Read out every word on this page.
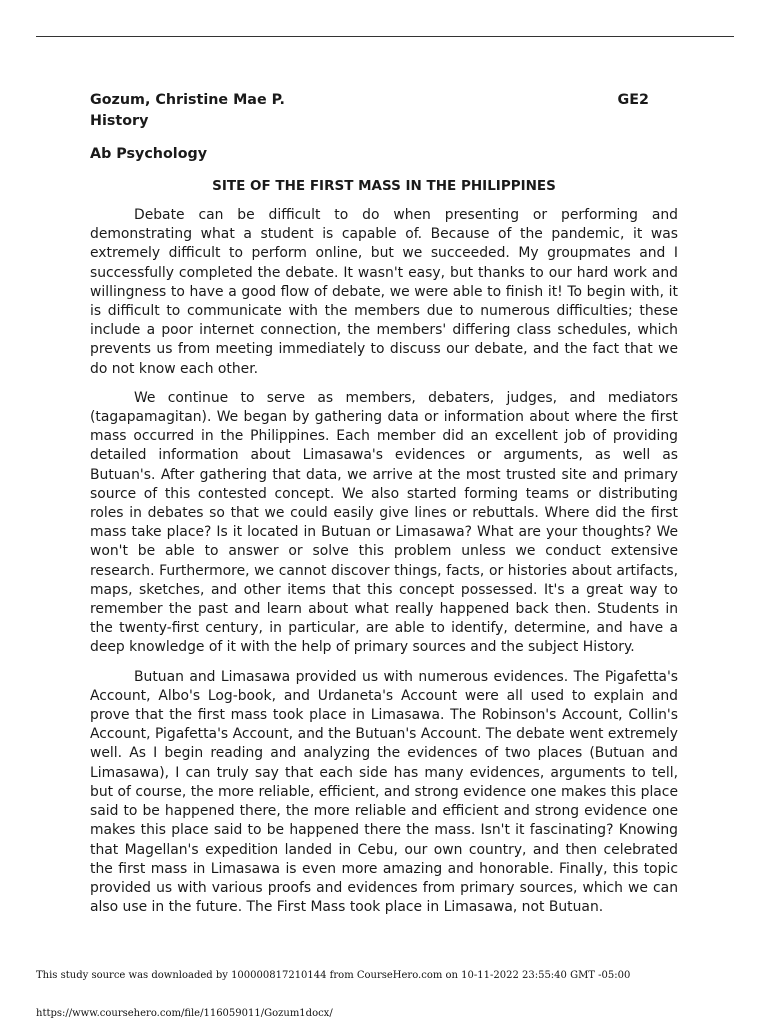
Gozum, Christine Mae P.	GE2
History
Ab Psychology
SITE OF THE FIRST MASS IN THE PHILIPPINES

Debate can be difficult to do when presenting or performing and demonstrating what a student is capable of. Because of the pandemic, it was extremely difficult to perform online, but we succeeded. My groupmates and I successfully completed the debate. It wasn't easy, but thanks to our hard work and willingness to have a good flow of debate, we were able to finish it! To begin with, it is difficult to communicate with the members due to numerous difficulties; these include a poor internet connection, the members' differing class schedules, which prevents us from meeting immediately to discuss our debate, and the fact that we do not know each other.

We continue to serve as members, debaters, judges, and mediators (tagapamagitan). We began by gathering data or information about where the first mass occurred in the Philippines. Each member did an excellent job of providing detailed information about Limasawa's evidences or arguments, as well as Butuan's. After gathering that data, we arrive at the most trusted site and primary source of this contested concept. We also started forming teams or distributing roles in debates so that we could easily give lines or rebuttals. Where did the first mass take place? Is it located in Butuan or Limasawa? What are your thoughts? We won't be able to answer or solve this problem unless we conduct extensive research. Furthermore, we cannot discover things, facts, or histories about artifacts, maps, sketches, and other items that this concept possessed. It's a great way to remember the past and learn about what really happened back then. Students in the twenty-first century, in particular, are able to identify, determine, and have a deep knowledge of it with the help of primary sources and the subject History.

Butuan and Limasawa provided us with numerous evidences. The Pigafetta's Account, Albo's Log-book, and Urdaneta's Account were all used to explain and prove that the first mass took place in Limasawa. The Robinson's Account, Collin's Account, Pigafetta's Account, and the Butuan's Account. The debate went extremely well. As I begin reading and analyzing the evidences of two places (Butuan and Limasawa), I can truly say that each side has many evidences, arguments to tell, but of course, the more reliable, efficient, and strong evidence one makes this place said to be happened there, the more reliable and efficient and strong evidence one makes this place said to be happened there the mass. Isn't it fascinating? Knowing that Magellan's expedition landed in Cebu, our own country, and then celebrated the first mass in Limasawa is even more amazing and honorable. Finally, this topic provided us with various proofs and evidences from primary sources, which we can also use in the future. The First Mass took place in Limasawa, not Butuan.

This study source was downloaded by 100000817210144 from CourseHero.com on 10-11-2022 23:55:40 GMT -05:00
https://www.coursehero.com/file/116059011/Gozum1docx/
